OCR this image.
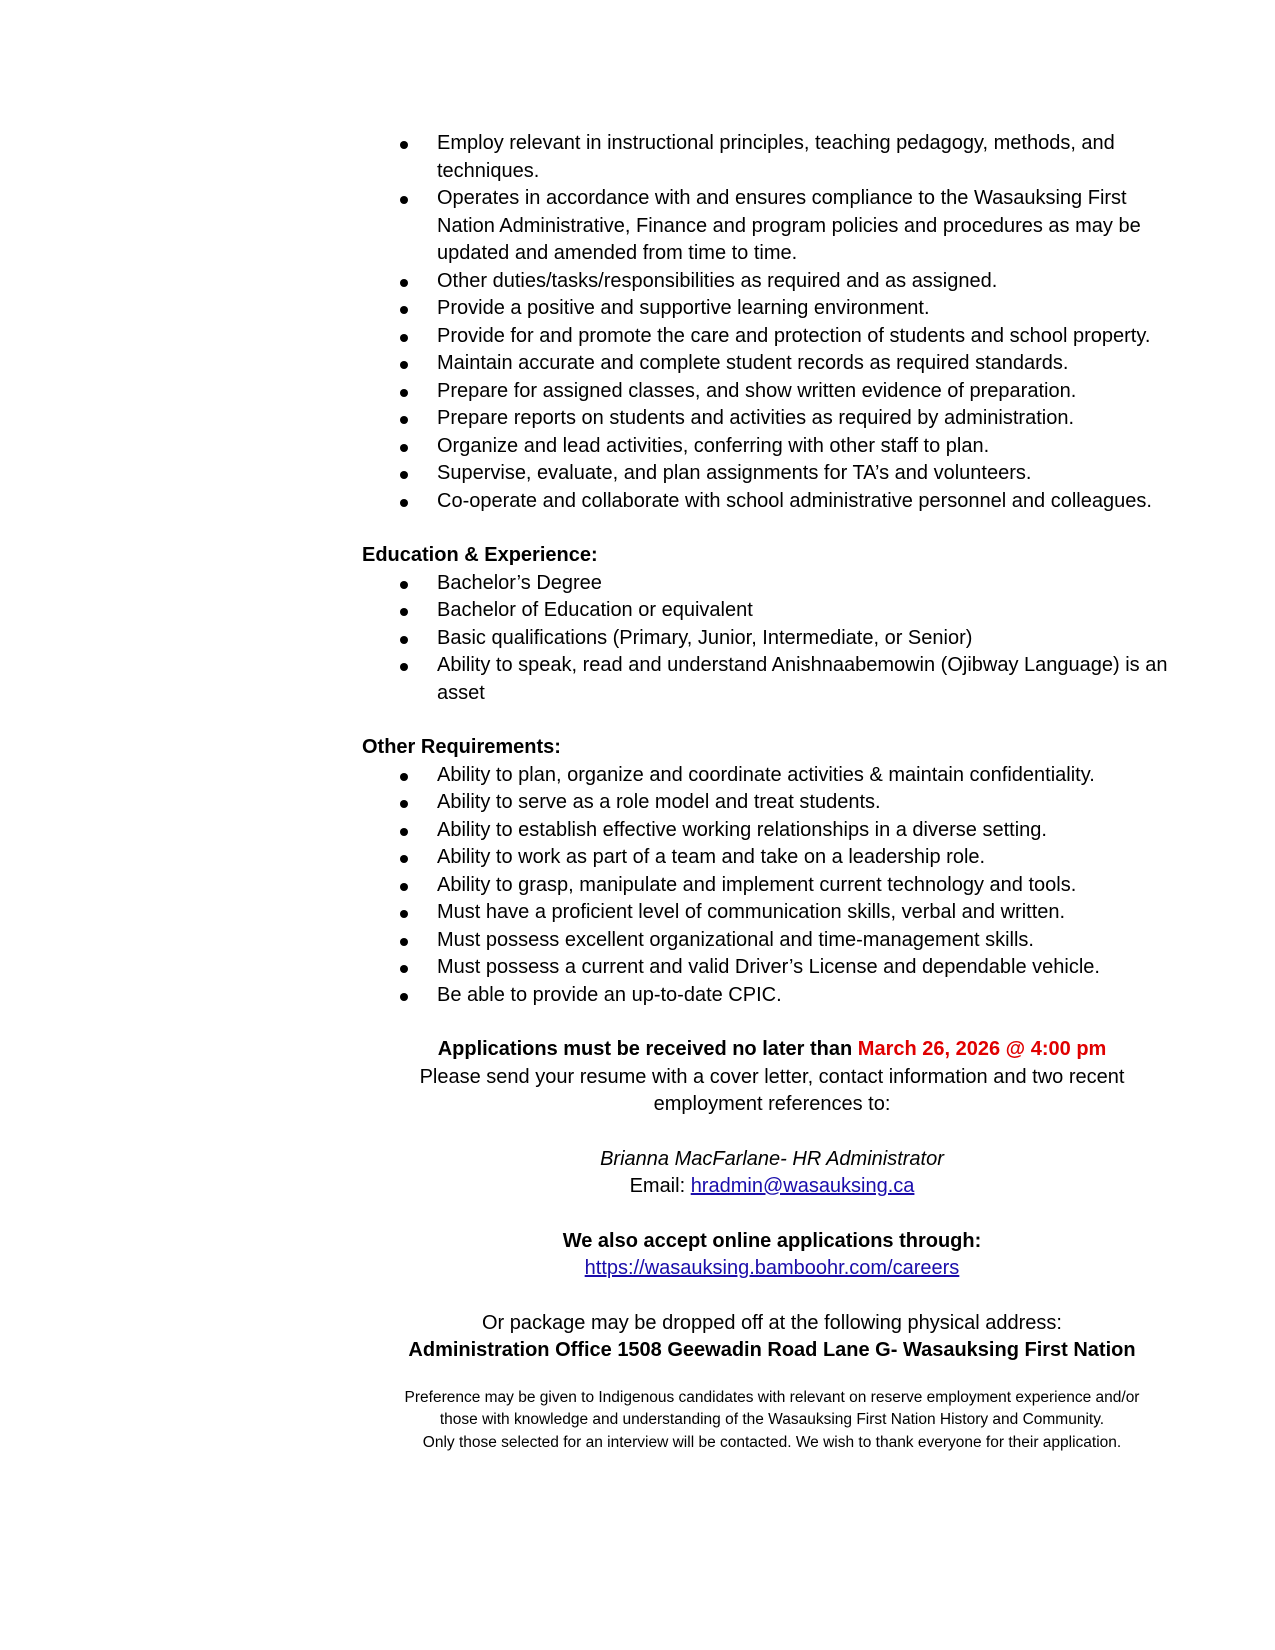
Employ relevant in instructional principles, teaching pedagogy, methods, and techniques.
Operates in accordance with and ensures compliance to the Wasauksing First Nation Administrative, Finance and program policies and procedures as may be updated and amended from time to time.
Other duties/tasks/responsibilities as required and as assigned.
Provide a positive and supportive learning environment.
Provide for and promote the care and protection of students and school property.
Maintain accurate and complete student records as required standards.
Prepare for assigned classes, and show written evidence of preparation.
Prepare reports on students and activities as required by administration.
Organize and lead activities, conferring with other staff to plan.
Supervise, evaluate, and plan assignments for TA’s and volunteers.
Co-operate and collaborate with school administrative personnel and colleagues.
Education & Experience:
Bachelor’s Degree
Bachelor of Education or equivalent
Basic qualifications (Primary, Junior, Intermediate, or Senior)
Ability to speak, read and understand Anishnaabemowin (Ojibway Language) is an asset
Other Requirements:
Ability to plan, organize and coordinate activities & maintain confidentiality.
Ability to serve as a role model and treat students.
Ability to establish effective working relationships in a diverse setting.
Ability to work as part of a team and take on a leadership role.
Ability to grasp, manipulate and implement current technology and tools.
Must have a proficient level of communication skills, verbal and written.
Must possess excellent organizational and time-management skills.
Must possess a current and valid Driver’s License and dependable vehicle.
Be able to provide an up-to-date CPIC.
Applications must be received no later than March 26, 2026 @ 4:00 pm
Please send your resume with a cover letter, contact information and two recent
employment references to:
Brianna MacFarlane- HR Administrator
Email: hradmin@wasauksing.ca
We also accept online applications through:
https://wasauksing.bamboohr.com/careers
Or package may be dropped off at the following physical address:
Administration Office 1508 Geewadin Road Lane G- Wasauksing First Nation
Preference may be given to Indigenous candidates with relevant on reserve employment experience and/or
those with knowledge and understanding of the Wasauksing First Nation History and Community.
Only those selected for an interview will be contacted. We wish to thank everyone for their application.
